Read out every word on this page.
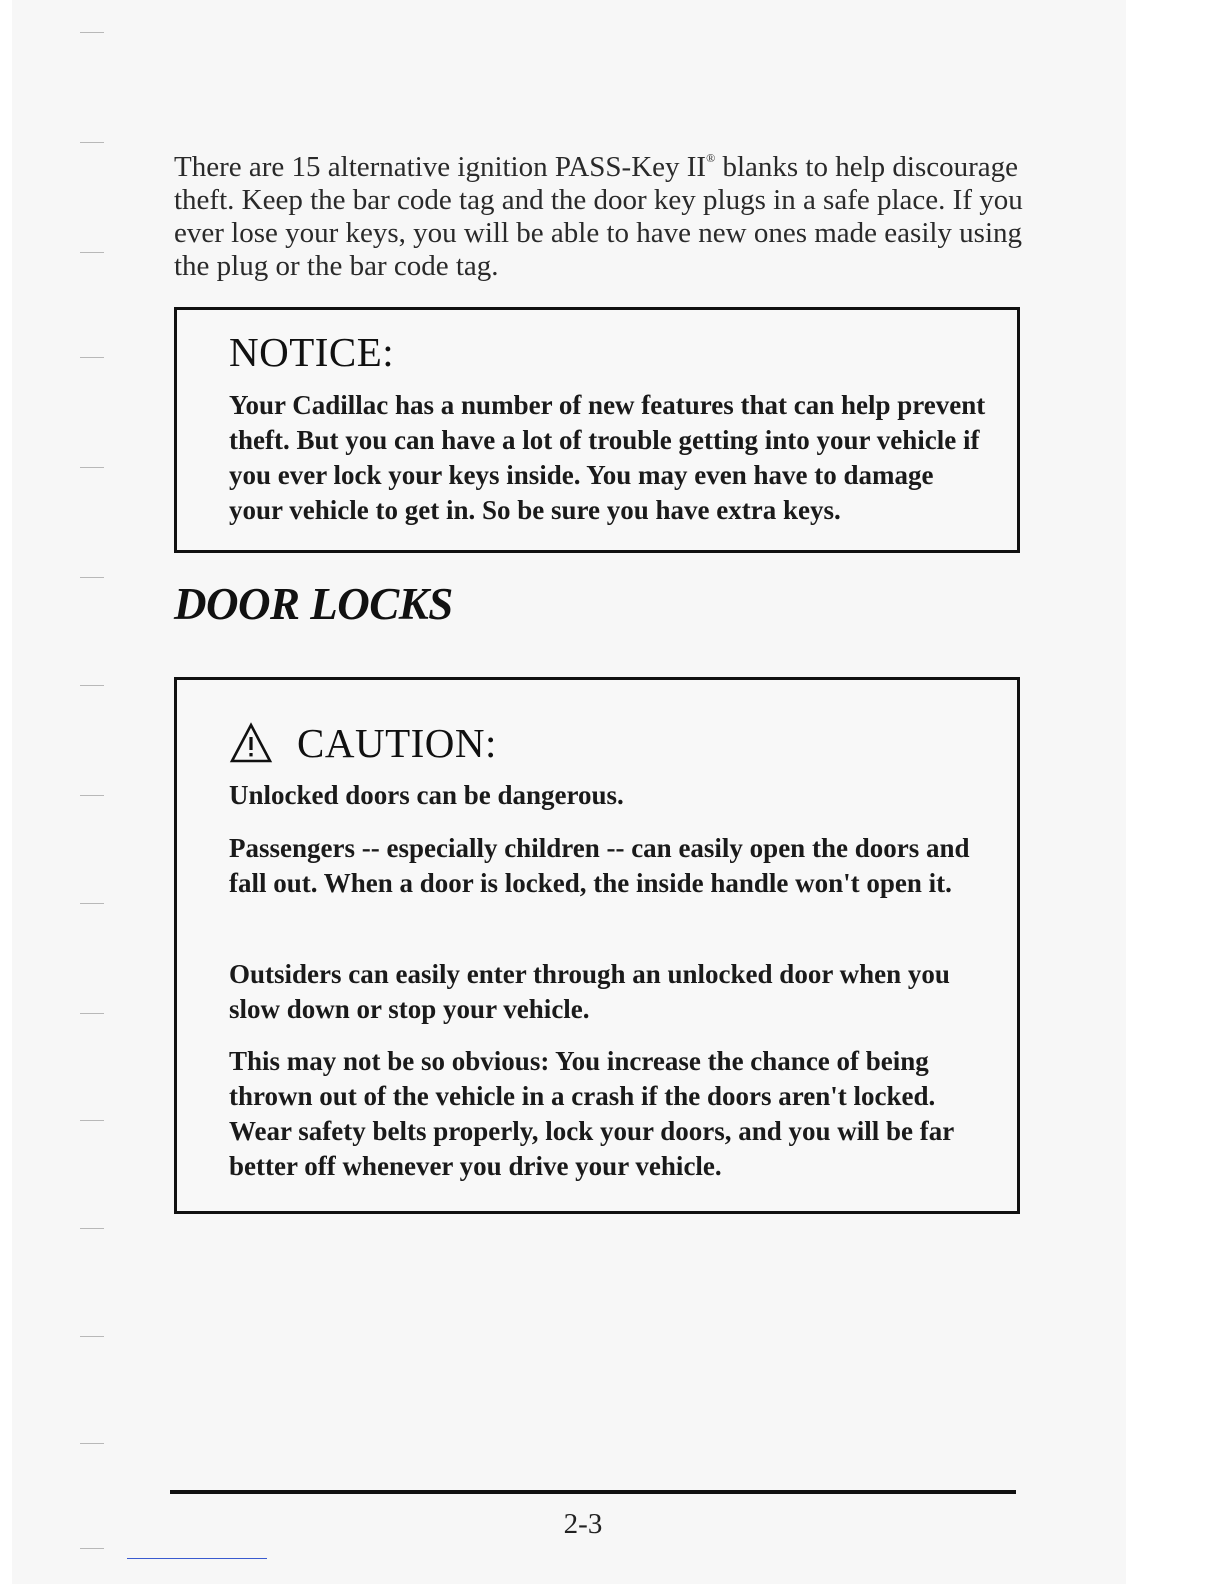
There are 15 alternative ignition PASS-Key II® blanks to help discourage theft. Keep the bar code tag and the door key plugs in a safe place. If you ever lose your keys, you will be able to have new ones made easily using the plug or the bar code tag.

NOTICE:

Your Cadillac has a number of new features that can help prevent theft. But you can have a lot of trouble getting into your vehicle if you ever lock your keys inside. You may even have to damage your vehicle to get in. So be sure you have extra keys.

DOOR LOCKS
CAUTION:

Unlocked doors can be dangerous.

Passengers -- especially children -- can easily open the doors and fall out. When a door is locked, the inside handle won't open it.

Outsiders can easily enter through an unlocked door when you slow down or stop your vehicle.

This may not be so obvious: You increase the chance of being thrown out of the vehicle in a crash if the doors aren't locked. Wear safety belts properly, lock your doors, and you will be far better off whenever you drive your vehicle.

2-3
